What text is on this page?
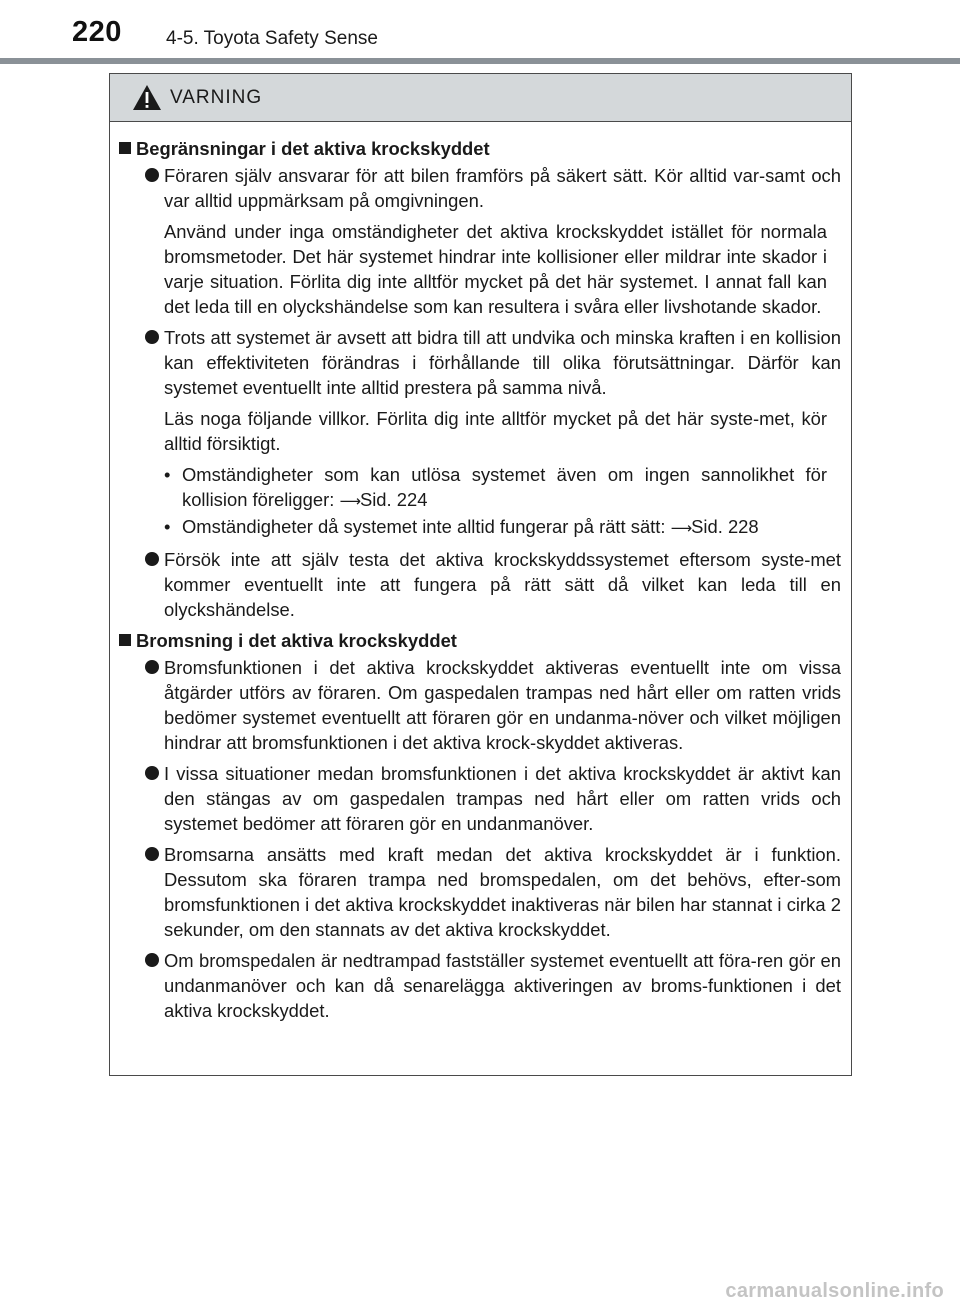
220 4-5. Toyota Safety Sense
VARNING
Begränsningar i det aktiva krockskyddet
Föraren själv ansvarar för att bilen framförs på säkert sätt. Kör alltid var-samt och var alltid uppmärksam på omgivningen.
Använd under inga omständigheter det aktiva krockskyddet istället för normala bromsmetoder. Det här systemet hindrar inte kollisioner eller mildrar inte skador i varje situation. Förlita dig inte alltför mycket på det här systemet. I annat fall kan det leda till en olyckshändelse som kan resultera i svåra eller livshotande skador.
Trots att systemet är avsett att bidra till att undvika och minska kraften i en kollision kan effektiviteten förändras i förhållande till olika förutsättningar. Därför kan systemet eventuellt inte alltid prestera på samma nivå.
Läs noga följande villkor. Förlita dig inte alltför mycket på det här syste-met, kör alltid försiktigt.
• Omständigheter som kan utlösa systemet även om ingen sannolikhet för kollision föreligger: ⟶Sid. 224
• Omständigheter då systemet inte alltid fungerar på rätt sätt: ⟶Sid. 228
Försök inte att själv testa det aktiva krockskyddssystemet eftersom syste-met kommer eventuellt inte att fungera på rätt sätt då vilket kan leda till en olyckshändelse.
Bromsning i det aktiva krockskyddet
Bromsfunktionen i det aktiva krockskyddet aktiveras eventuellt inte om vissa åtgärder utförs av föraren. Om gaspedalen trampas ned hårt eller om ratten vrids bedömer systemet eventuellt att föraren gör en undanma-növer och vilket möjligen hindrar att bromsfunktionen i det aktiva krock-skyddet aktiveras.
I vissa situationer medan bromsfunktionen i det aktiva krockskyddet är aktivt kan den stängas av om gaspedalen trampas ned hårt eller om ratten vrids och systemet bedömer att föraren gör en undanmanöver.
Bromsarna ansätts med kraft medan det aktiva krockskyddet är i funktion. Dessutom ska föraren trampa ned bromspedalen, om det behövs, efter-som bromsfunktionen i det aktiva krockskyddet inaktiveras när bilen har stannat i cirka 2 sekunder, om den stannats av det aktiva krockskyddet.
Om bromspedalen är nedtrampad fastställer systemet eventuellt att föra-ren gör en undanmanöver och kan då senarelägga aktiveringen av broms-funktionen i det aktiva krockskyddet.
carmanualsonline.info
